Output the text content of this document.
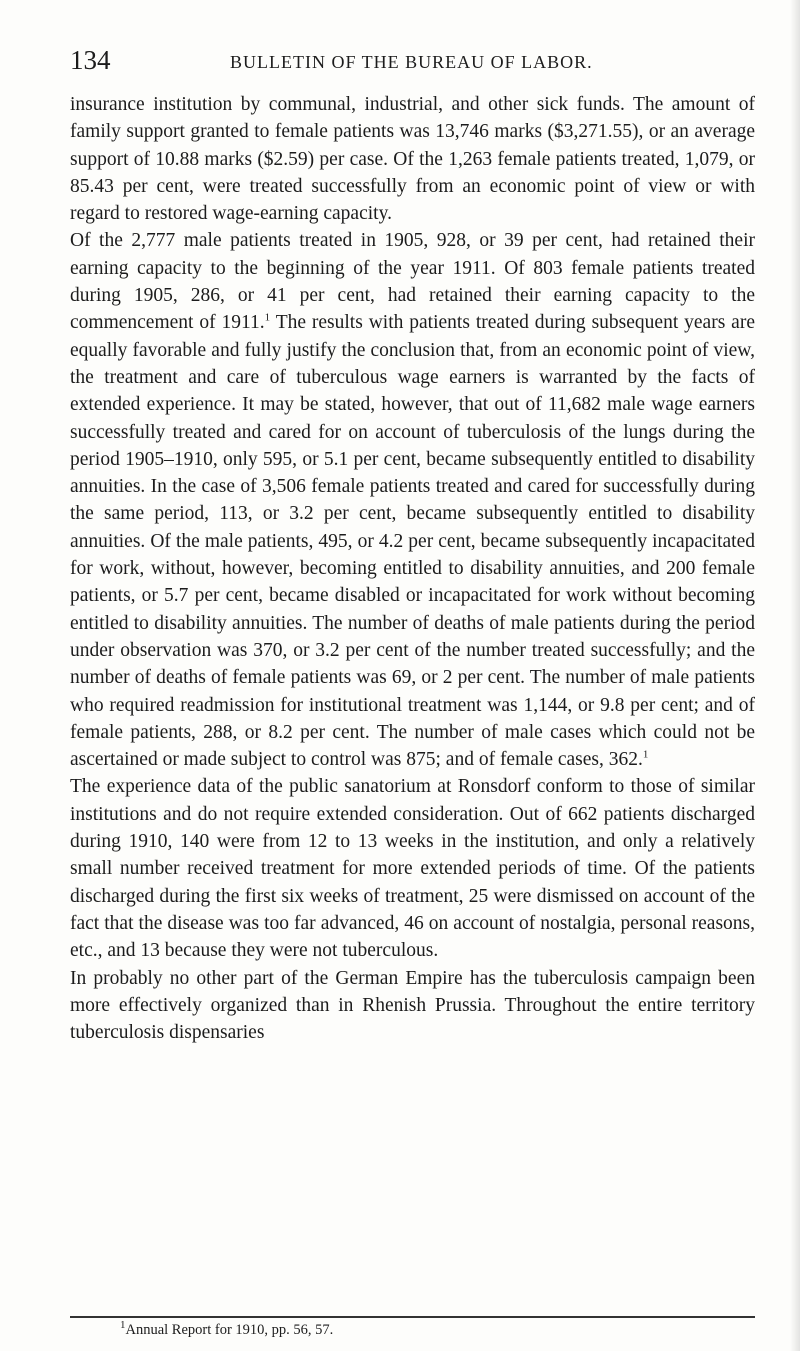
134	BULLETIN OF THE BUREAU OF LABOR.

insurance institution by communal, industrial, and other sick funds. The amount of family support granted to female patients was 13,746 marks ($3,271.55), or an average support of 10.88 marks ($2.59) per case. Of the 1,263 female patients treated, 1,079, or 85.43 per cent, were treated successfully from an economic point of view or with regard to restored wage-earning capacity.

Of the 2,777 male patients treated in 1905, 928, or 39 per cent, had retained their earning capacity to the beginning of the year 1911. Of 803 female patients treated during 1905, 286, or 41 per cent, had retained their earning capacity to the commencement of 1911.$^1$ The results with patients treated during subsequent years are equally favorable and fully justify the conclusion that, from an economic point of view, the treatment and care of tuberculous wage earners is warranted by the facts of extended experience. It may be stated, however, that out of 11,682 male wage earners successfully treated and cared for on account of tuberculosis of the lungs during the period 1905–1910, only 595, or 5.1 per cent, became subsequently entitled to disability annuities. In the case of 3,506 female patients treated and cared for successfully during the same period, 113, or 3.2 per cent, became subsequently entitled to disability annuities. Of the male patients, 495, or 4.2 per cent, became subsequently incapacitated for work, without, however, becoming entitled to disability annuities, and 200 female patients, or 5.7 per cent, became disabled or incapacitated for work without becoming entitled to disability annuities. The number of deaths of male patients during the period under observation was 370, or 3.2 per cent of the number treated successfully; and the number of deaths of female patients was 69, or 2 per cent. The number of male patients who required readmission for institutional treatment was 1,144, or 9.8 per cent; and of female patients, 288, or 8.2 per cent. The number of male cases which could not be ascertained or made subject to control was 875; and of female cases, 362.$^1$

The experience data of the public sanatorium at Ronsdorf conform to those of similar institutions and do not require extended consideration. Out of 662 patients discharged during 1910, 140 were from 12 to 13 weeks in the institution, and only a relatively small number received treatment for more extended periods of time. Of the patients discharged during the first six weeks of treatment, 25 were dismissed on account of the fact that the disease was too far advanced, 46 on account of nostalgia, personal reasons, etc., and 13 because they were not tuberculous.

In probably no other part of the German Empire has the tuberculosis campaign been more effectively organized than in Rhenish Prussia. Throughout the entire territory tuberculosis dispensaries

$^1$Annual Report for 1910, pp. 56, 57.
